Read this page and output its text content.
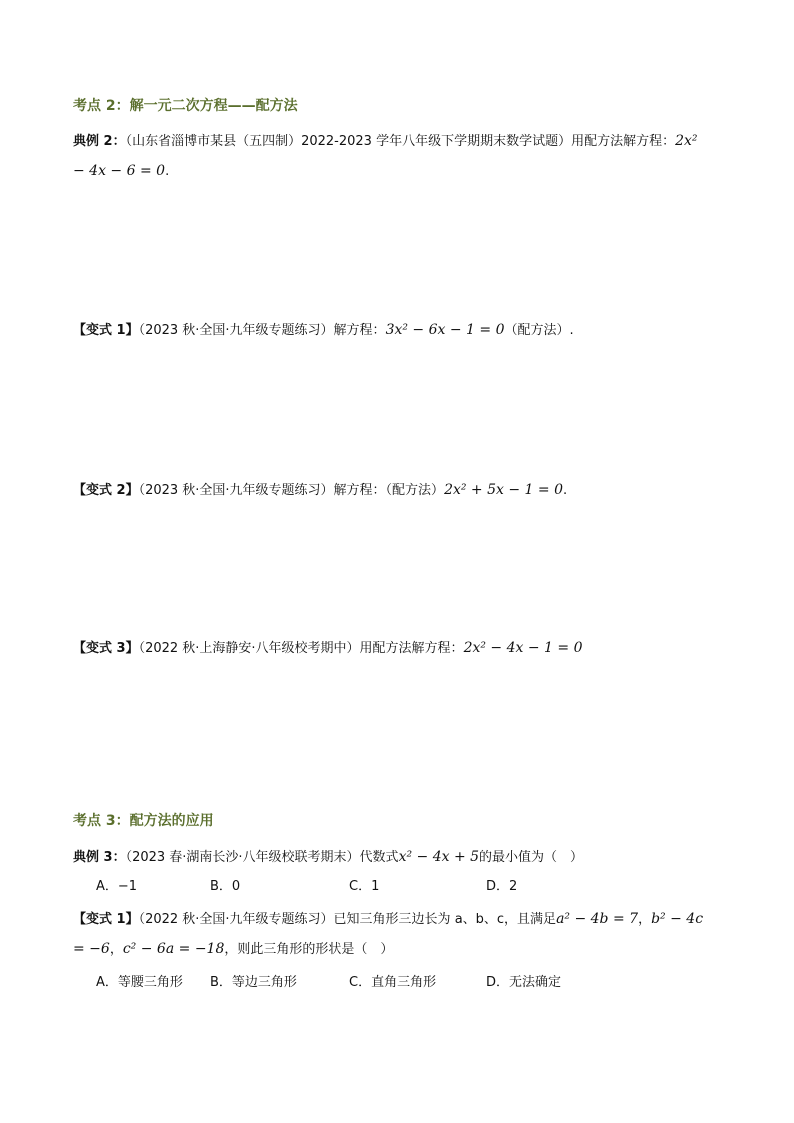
考点 2：解一元二次方程——配方法
典例 2：（山东省淄博市某县（五四制）2022-2023 学年八年级下学期期末数学试题）用配方法解方程：2x²
− 4x − 6 = 0.
【变式 1】（2023 秋·全国·九年级专题练习）解方程：3x² − 6x − 1 = 0（配方法）.
【变式 2】（2023 秋·全国·九年级专题练习）解方程：（配方法）2x² + 5x − 1 = 0.
【变式 3】（2022 秋·上海静安·八年级校考期中）用配方法解方程：2x² − 4x − 1 = 0
考点 3：配方法的应用
典例 3：（2023 春·湖南长沙·八年级校联考期末）代数式x² − 4x + 5的最小值为（　）
A．−1	B．0	C．1	D．2
【变式 1】（2022 秋·全国·九年级专题练习）已知三角形三边长为 a、b、c，且满足a² − 4b = 7，b² − 4c
= −6，c² − 6a = −18，则此三角形的形状是（　）
A．等腰三角形 B．等边三角形	C．直角三角形	D．无法确定
